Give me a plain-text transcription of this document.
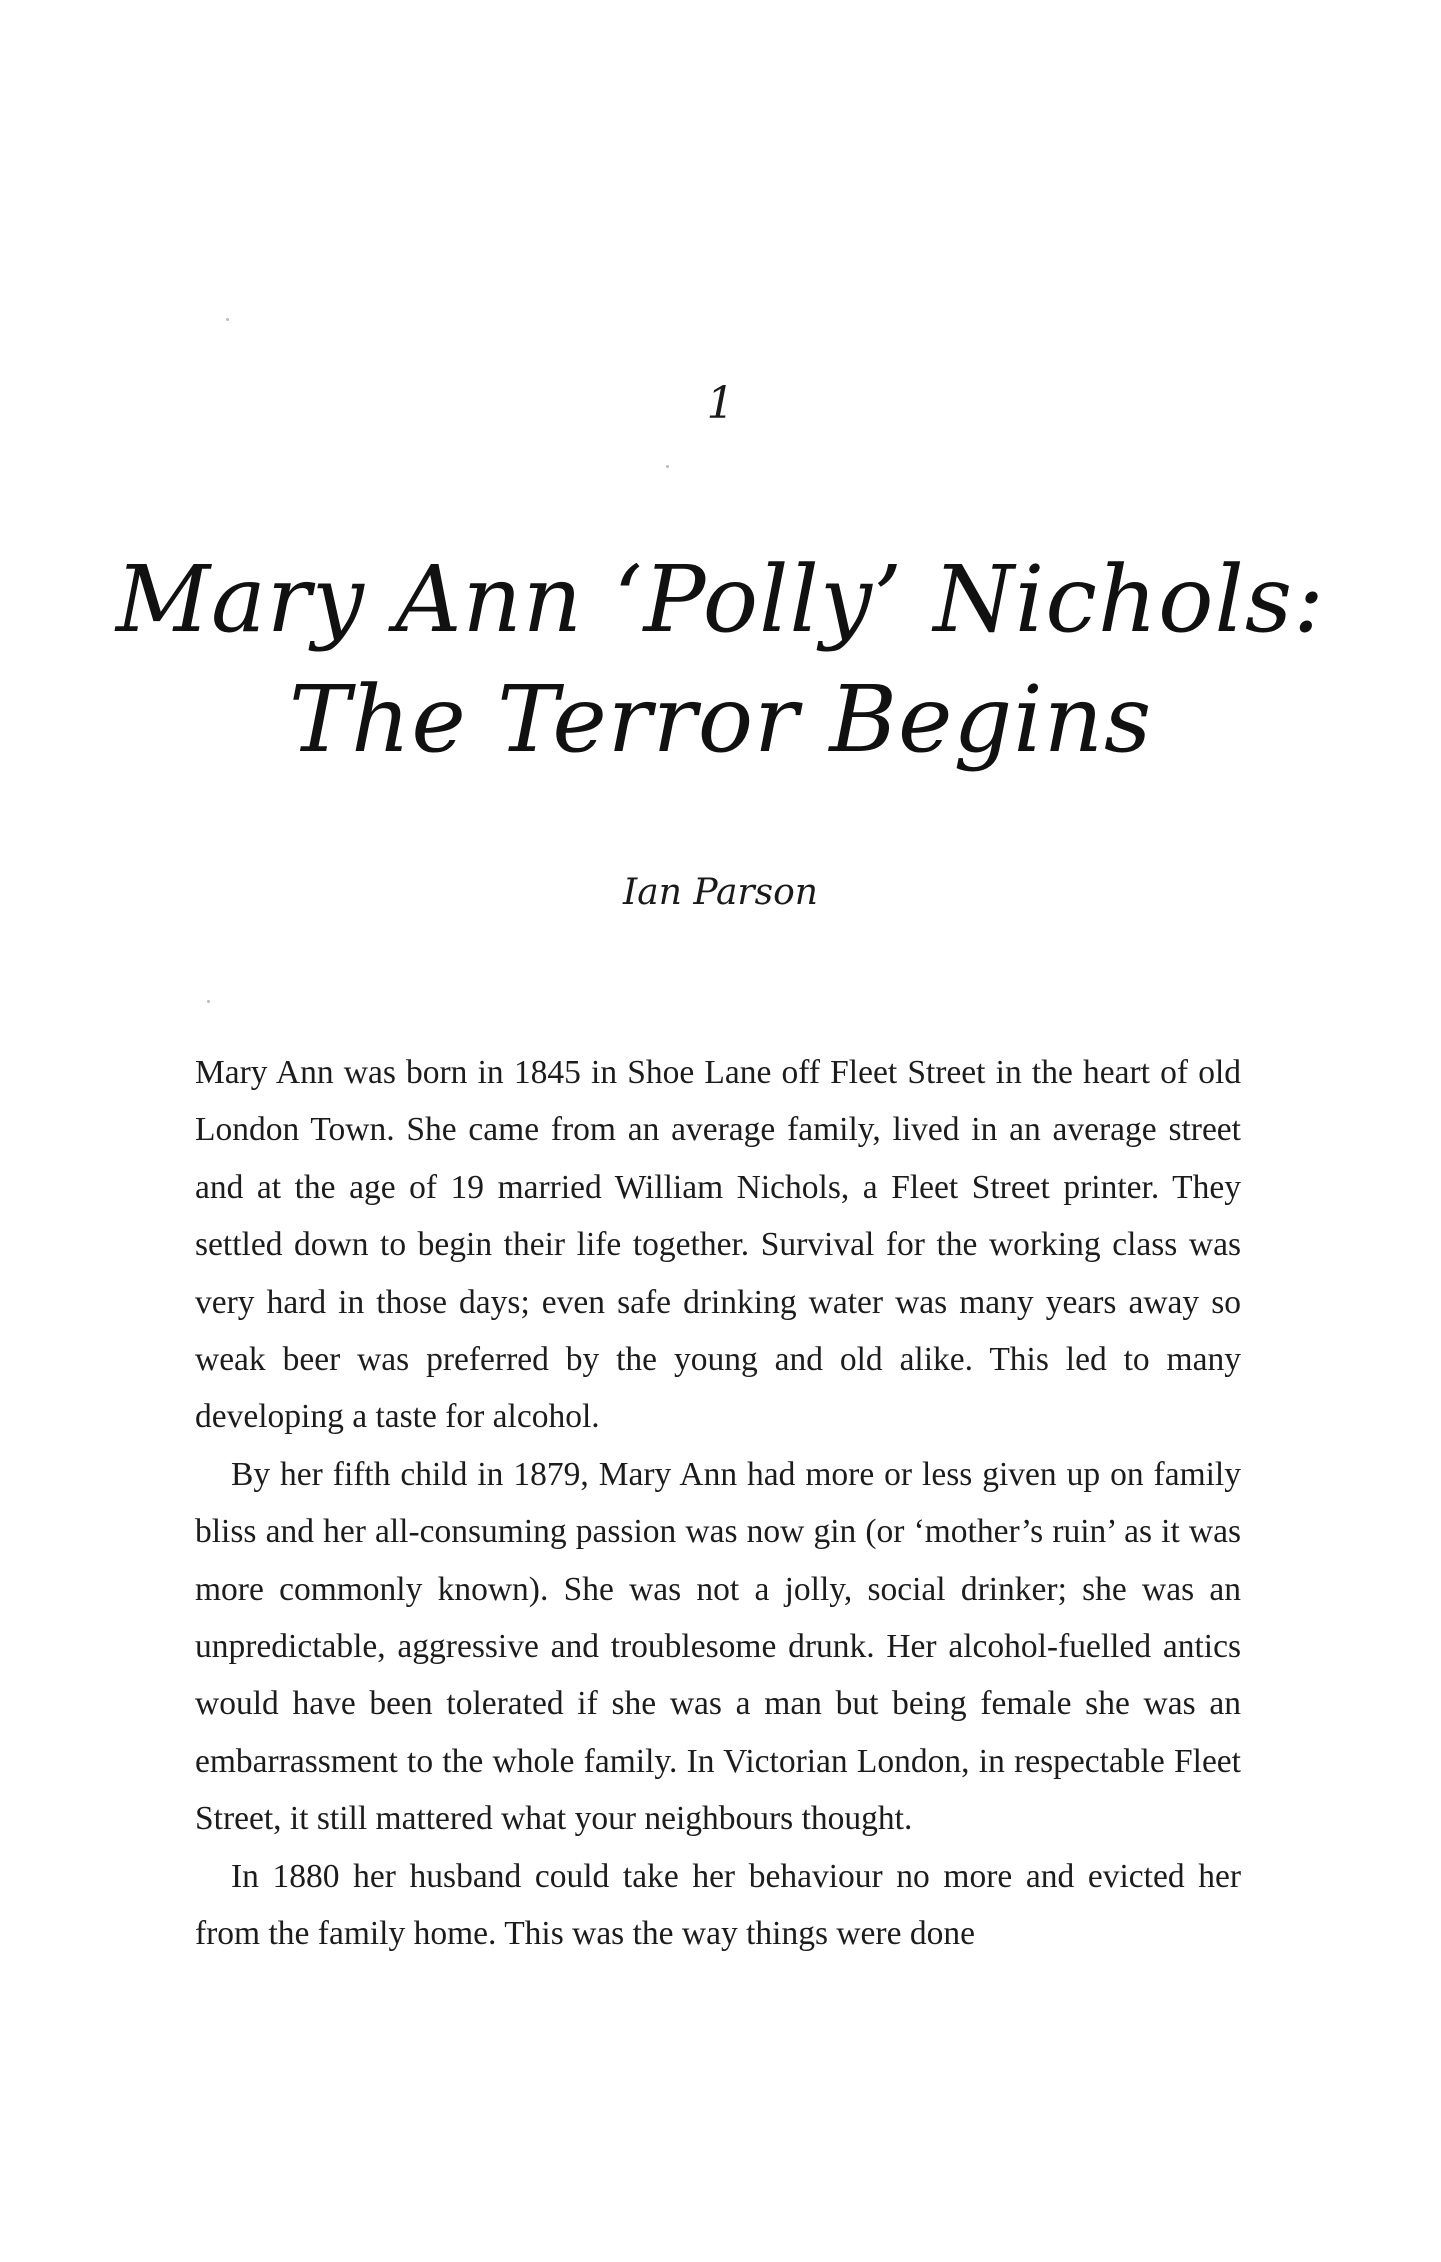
1
Mary Ann ‘Polly’ Nichols:
The Terror Begins
Ian Parson

Mary Ann was born in 1845 in Shoe Lane off Fleet Street in the heart of old London Town. She came from an average family, lived in an average street and at the age of 19 married William Nichols, a Fleet Street printer. They settled down to begin their life together. Survival for the working class was very hard in those days; even safe drinking water was many years away so weak beer was preferred by the young and old alike. This led to many developing a taste for alcohol.

By her fifth child in 1879, Mary Ann had more or less given up on family bliss and her all-consuming passion was now gin (or ‘mother’s ruin’ as it was more commonly known). She was not a jolly, social drinker; she was an unpredictable, aggressive and troublesome drunk. Her alcohol-fuelled antics would have been tolerated if she was a man but being female she was an embarrassment to the whole family. In Victorian London, in respectable Fleet Street, it still mattered what your neighbours thought.

In 1880 her husband could take her behaviour no more and evicted her from the family home. This was the way things were done
